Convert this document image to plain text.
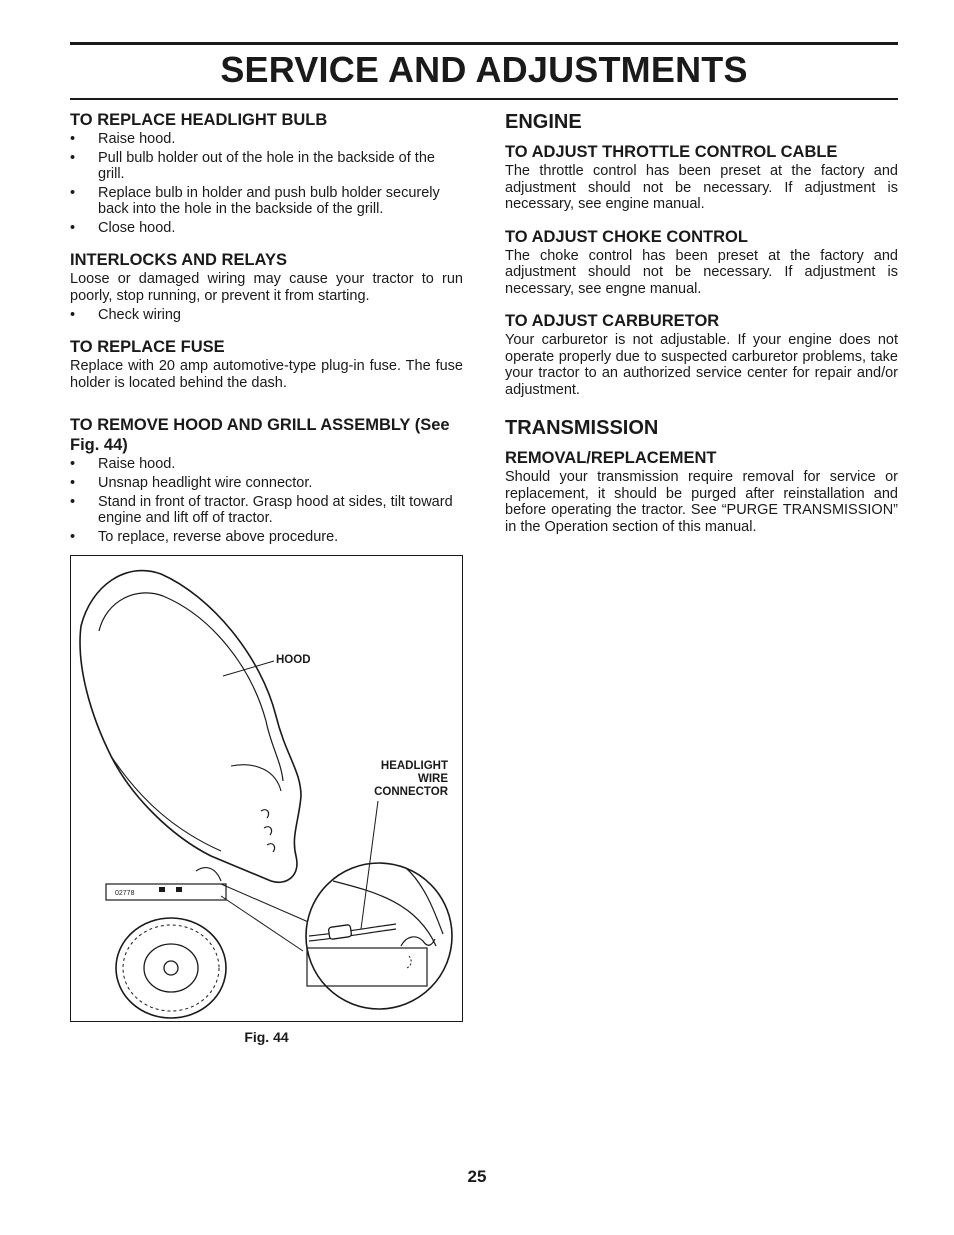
SERVICE AND ADJUSTMENTS
TO REPLACE HEADLIGHT BULB
• Raise hood.
• Pull bulb holder out of the hole in the backside of the grill.
• Replace bulb in holder and push bulb holder securely back into the hole in the backside of the grill.
• Close hood.
INTERLOCKS AND RELAYS

Loose or damaged wiring may cause your tractor to run poorly, stop running, or prevent it from starting.

• Check wiring
TO REPLACE FUSE

Replace with 20 amp automotive-type plug-in fuse. The fuse holder is located behind the dash.

TO REMOVE HOOD AND GRILL ASSEMBLY (See Fig. 44)
• Raise hood.
• Unsnap headlight wire connector.
• Stand in front of tractor. Grasp hood at sides, tilt toward engine and lift off of tractor.
• To replace, reverse above procedure.
HOOD
HEADLIGHT
WIRE
CONNECTOR
02778
Fig. 44
ENGINE
TO ADJUST THROTTLE CONTROL CABLE

The throttle control has been preset at the factory and adjustment should not be necessary. If adjustment is necessary, see engine manual.

TO ADJUST CHOKE CONTROL

The choke control has been preset at the factory and adjustment should not be necessary. If adjustment is necessary, see engne manual.

TO ADJUST CARBURETOR

Your carburetor is not adjustable. If your engine does not operate properly due to suspected carburetor problems, take your tractor to an authorized service center for repair and/or adjustment.

TRANSMISSION
REMOVAL/REPLACEMENT

Should your transmission require removal for service or replacement, it should be purged after reinstallation and before operating the tractor. See “PURGE TRANSMISSION” in the Operation section of this manual.

25
